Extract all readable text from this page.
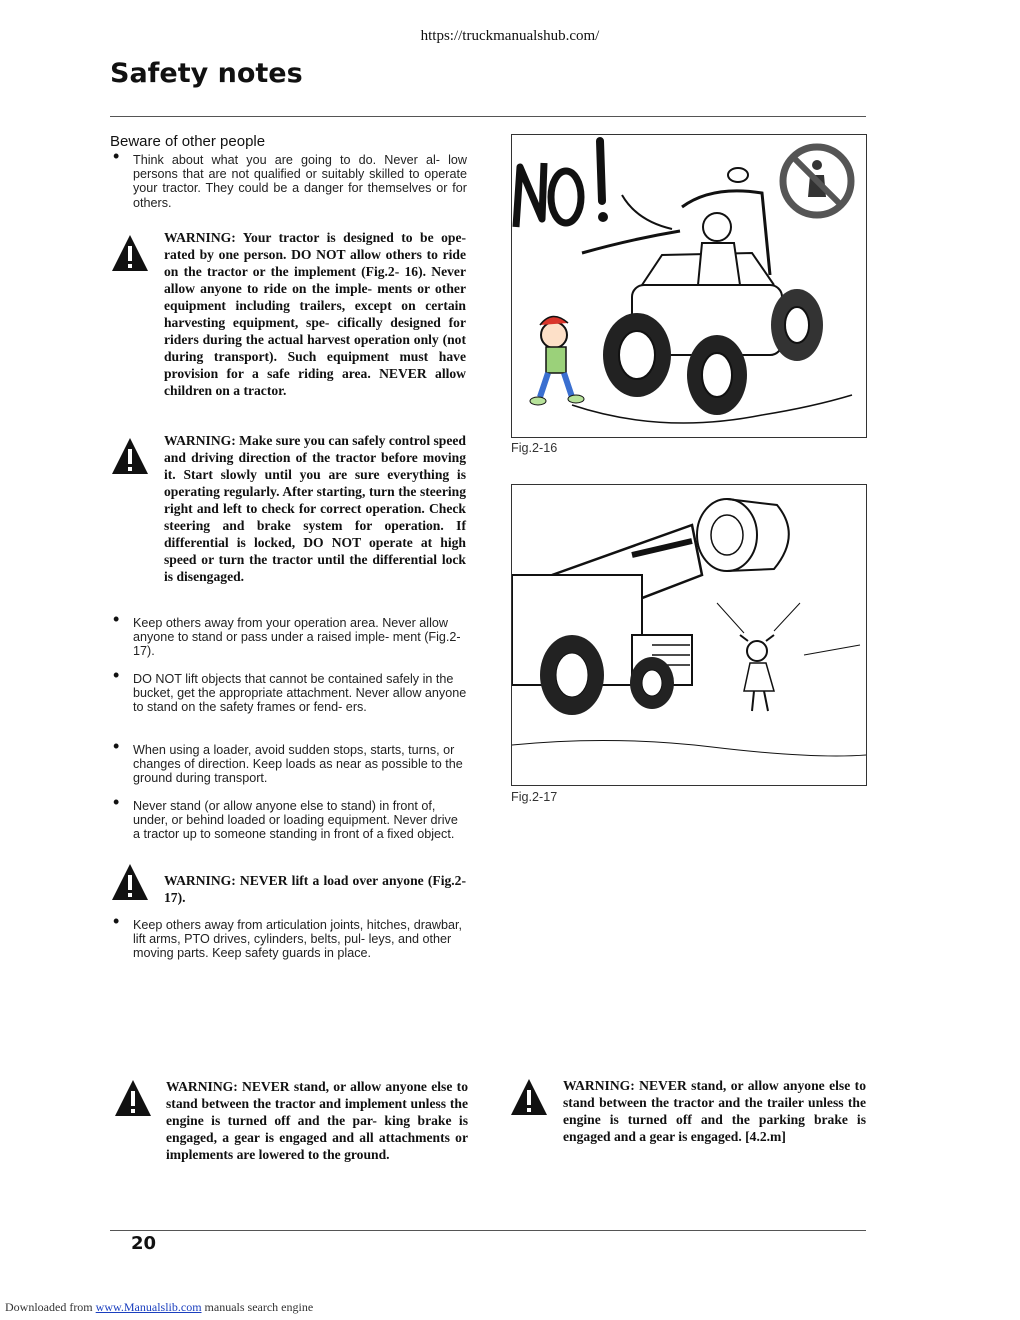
https://truckmanualshub.com/
Safety notes
Beware of other people
• Think about what you are going to do. Never al- low persons that are not qualified or suitably skilled to operate your tractor. They could be a danger for themselves or for others.
WARNING: Your tractor is designed to be ope- rated by one person. DO NOT allow others to ride on the tractor or the implement (Fig.2- 16). Never allow anyone to ride on the imple- ments or other equipment including trailers, except on certain harvesting equipment, spe- cifically designed for riders during the actual harvest operation only (not during transport). Such equipment must have provision for a safe riding area. NEVER allow children on a tractor.
WARNING: Make sure you can safely control speed and driving direction of the tractor before moving it. Start slowly until you are sure everything is operating regularly. After starting, turn the steering right and left to check for correct operation. Check steering and brake system for operation. If differential is locked, DO NOT operate at high speed or turn the tractor until the differential lock is disengaged.
• Keep others away from your operation area. Never allow anyone to stand or pass under a raised imple- ment (Fig.2-17).
• DO NOT lift objects that cannot be contained safely in the bucket, get the appropriate attachment. Never allow anyone to stand on the safety frames or fend- ers.
• When using a loader, avoid sudden stops, starts, turns, or changes of direction. Keep loads as near as possible to the ground during transport.
• Never stand (or allow anyone else to stand) in front of, under, or behind loaded or loading equipment. Never drive a tractor up to someone standing in front of a fixed object.
WARNING: NEVER lift a load over anyone (Fig.2-17).
• Keep others away from articulation joints, hitches, drawbar, lift arms, PTO drives, cylinders, belts, pul- leys, and other moving parts. Keep safety guards in place.
WARNING: NEVER stand, or allow anyone else to stand between the tractor and implement unless the engine is turned off and the par- king brake is engaged, a gear is engaged and all attachments or implements are lowered to the ground.
WARNING: NEVER stand, or allow anyone else to stand between the tractor and the trailer unless the engine is turned off and the parking brake is engaged and a gear is engaged. [4.2.m]
Fig.2-16
Fig.2-17
20
Downloaded from www.Manualslib.com manuals search engine
